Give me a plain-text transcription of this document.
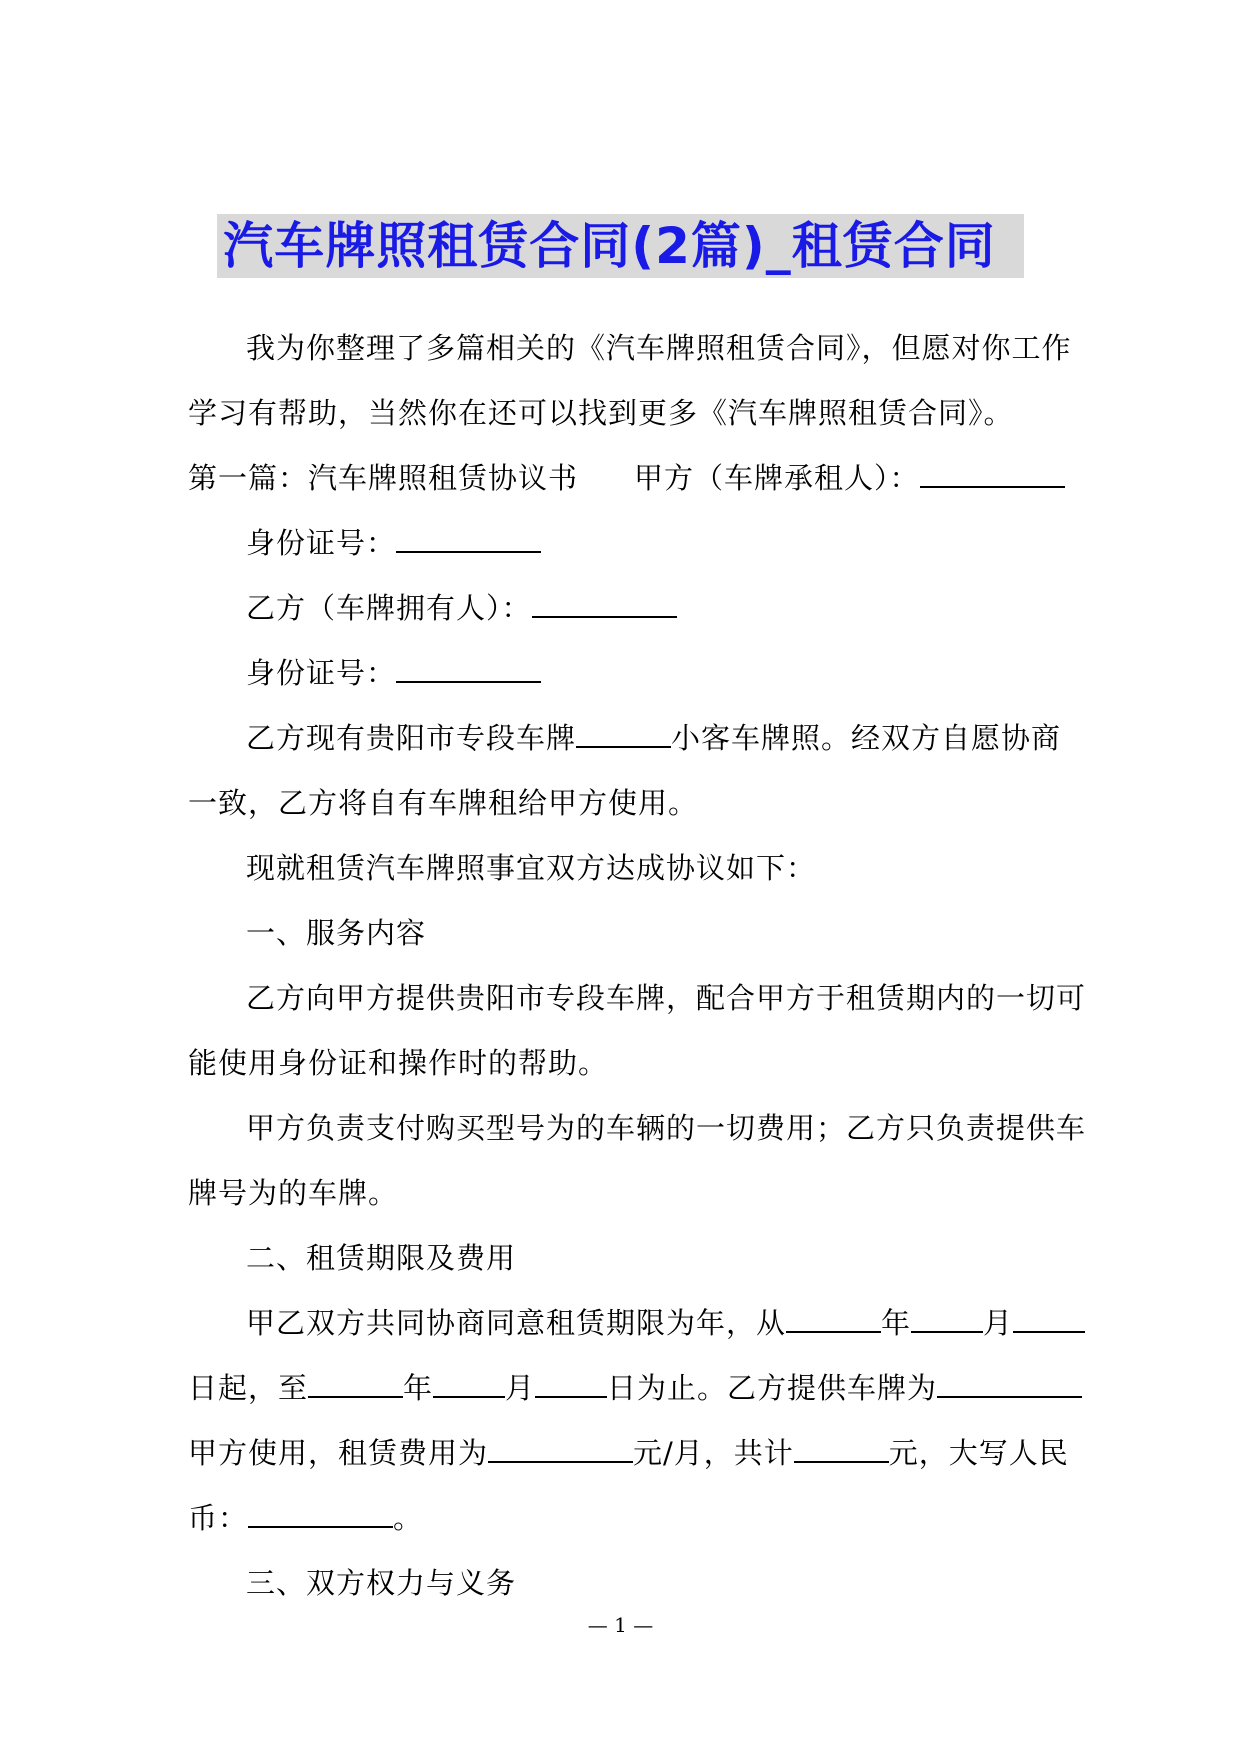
汽车牌照租赁合同(2篇)_租赁合同

我为你整理了多篇相关的《汽车牌照租赁合同》，但愿对你工作

学习有帮助，当然你在还可以找到更多《汽车牌照租赁合同》。

第一篇：汽车牌照租赁协议书 甲方（车牌承租人）：

身份证号：

乙方（车牌拥有人）：

身份证号：

乙方现有贵阳市专段车牌	小客车牌照。经双方自愿协商

一致，乙方将自有车牌租给甲方使用。

现就租赁汽车牌照事宜双方达成协议如下：

一、服务内容

乙方向甲方提供贵阳市专段车牌，配合甲方于租赁期内的一切可

能使用身份证和操作时的帮助。

甲方负责支付购买型号为的车辆的一切费用；乙方只负责提供车

牌号为的车牌。

二、租赁期限及费用

甲乙双方共同协商同意租赁期限为年，从	年 月

日起，至	年 月 日为止。乙方提供车牌为

甲方使用，租赁费用为	元/月，共计	元，大写人民

币：	。

三、双方权力与义务

— 1 —
